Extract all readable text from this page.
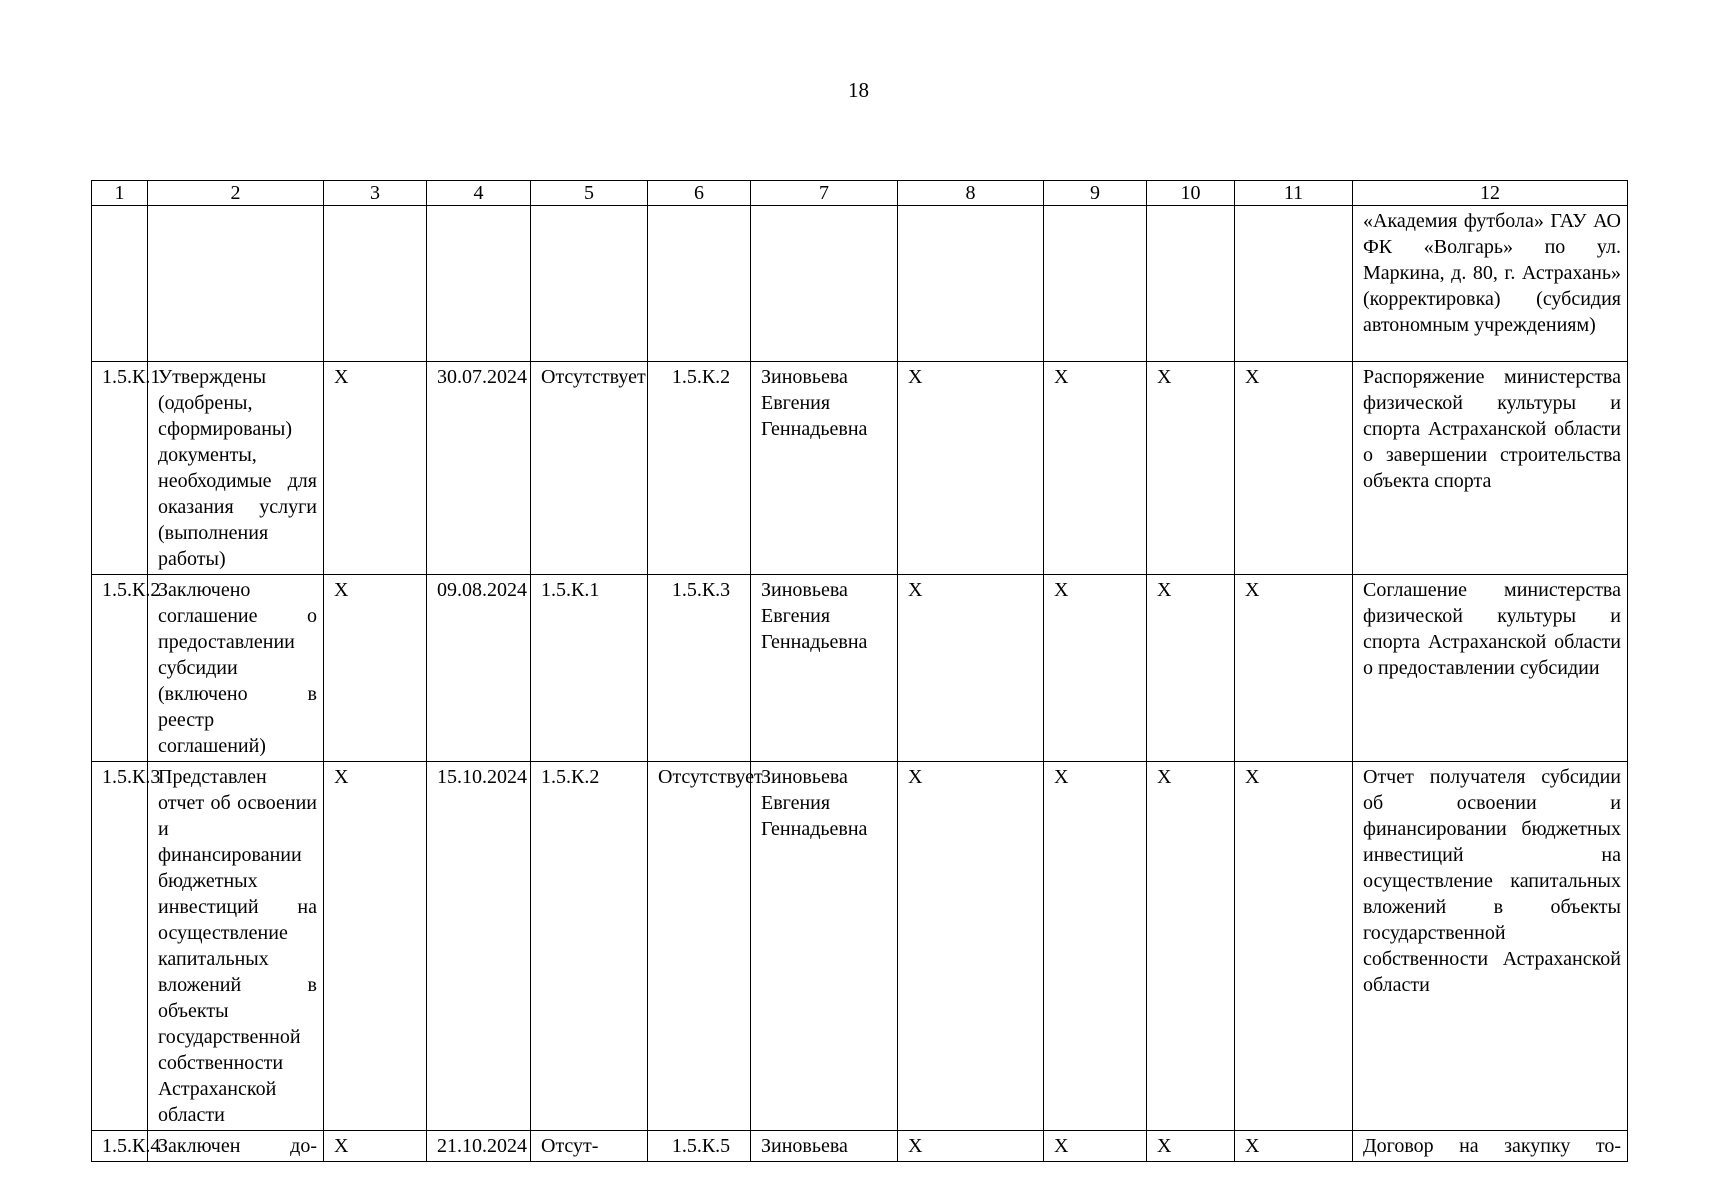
18
1	2	3	4	5	6	7	8	9	10	11	12
											«Академия футбола» ГАУ АО ФК «Волгарь» по ул. Маркина, д. 80, г. Астрахань» (корректировка) (субсидия автономным учреждениям)
1.5.К.1	Утверждены (одобрены, сформированы) документы, необходимые для оказания услуги (выполнения работы)	Х	30.07.2024	Отсутствует	1.5.К.2	Зиновьева Евгения Геннадьевна	Х	Х	Х	Х	Распоряжение министерства физической культуры и спорта Астраханской области о завершении строительства объекта спорта
1.5.К.2	Заключено соглашение о предоставлении субсидии (включено в реестр соглашений)	Х	09.08.2024	1.5.К.1	1.5.К.3	Зиновьева Евгения Геннадьевна	Х	Х	Х	Х	Соглашение министерства физической культуры и спорта Астраханской области о предоставлении субсидии
1.5.К.3	Представлен отчет об освоении и финансировании бюджетных инвестиций на осуществление капитальных вложений в объекты государственной собственности Астраханской области	Х	15.10.2024	1.5.К.2	Отсутствует	Зиновьева Евгения Геннадьевна	Х	Х	Х	Х	Отчет получателя субсидии об освоении и финансировании бюджетных инвестиций на осуществление капитальных вложений в объекты государственной собственности Астраханской области
1.5.К.4	Заключен до-	Х	21.10.2024	Отсут-	1.5.К.5	Зиновьева	Х	Х	Х	Х	Договор на закупку то-
